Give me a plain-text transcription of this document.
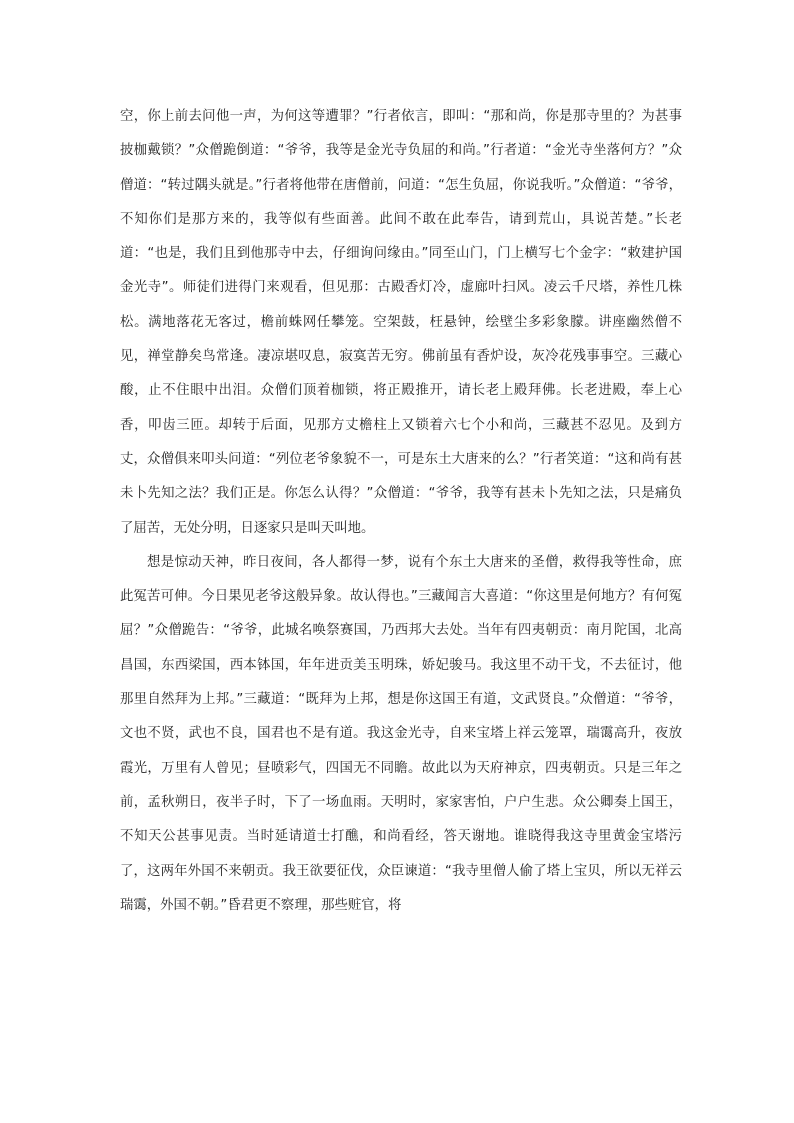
空，你上前去问他一声，为何这等遭罪？”行者依言，即叫：“那和尚，你是那寺里的？为甚事披枷戴锁？”众僧跪倒道：“爷爷，我等是金光寺负屈的和尚。”行者道：“金光寺坐落何方？”众僧道：“转过隅头就是。”行者将他带在唐僧前，问道：“怎生负屈，你说我听。”众僧道：“爷爷，不知你们是那方来的，我等似有些面善。此间不敢在此奉告，请到荒山，具说苦楚。”长老道：“也是，我们且到他那寺中去，仔细询问缘由。”同至山门，门上横写七个金字：“敕建护国金光寺”。师徒们进得门来观看，但见那：古殿香灯冷，虚廊叶扫风。凌云千尺塔，养性几株松。满地落花无客过，檐前蛛网任攀笼。空架鼓，枉悬钟，绘壁尘多彩象朦。讲座幽然僧不见，禅堂静矣鸟常逢。凄凉堪叹息，寂寞苦无穷。佛前虽有香炉设，灰冷花残事事空。三藏心酸，止不住眼中出泪。众僧们顶着枷锁，将正殿推开，请长老上殿拜佛。长老进殿，奉上心香，叩齿三匝。却转于后面，见那方丈檐柱上又锁着六七个小和尚，三藏甚不忍见。及到方丈，众僧俱来叩头问道：“列位老爷象貌不一，可是东土大唐来的么？”行者笑道：“这和尚有甚未卜先知之法？我们正是。你怎么认得？”众僧道：“爷爷，我等有甚未卜先知之法，只是痛负了屈苦，无处分明，日逐家只是叫天叫地。

想是惊动天神，昨日夜间，各人都得一梦，说有个东土大唐来的圣僧，救得我等性命，庶此冤苦可伸。今日果见老爷这般异象。故认得也。”三藏闻言大喜道：“你这里是何地方？有何冤屈？”众僧跪告：“爷爷，此城名唤祭赛国，乃西邦大去处。当年有四夷朝贡：南月陀国，北高昌国，东西梁国，西本钵国，年年进贡美玉明珠，娇妃骏马。我这里不动干戈，不去征讨，他那里自然拜为上邦。”三藏道：“既拜为上邦，想是你这国王有道，文武贤良。”众僧道：“爷爷，文也不贤，武也不良，国君也不是有道。我这金光寺，自来宝塔上祥云笼罩，瑞霭高升，夜放霞光，万里有人曾见；昼喷彩气，四国无不同瞻。故此以为天府神京，四夷朝贡。只是三年之前，孟秋朔日，夜半子时，下了一场血雨。天明时，家家害怕，户户生悲。众公卿奏上国王，不知天公甚事见责。当时延请道士打醮，和尚看经，答天谢地。谁晓得我这寺里黄金宝塔污了，这两年外国不来朝贡。我王欲要征伐，众臣谏道：“我寺里僧人偷了塔上宝贝，所以无祥云瑞霭，外国不朝。”昏君更不察理，那些赃官，将
